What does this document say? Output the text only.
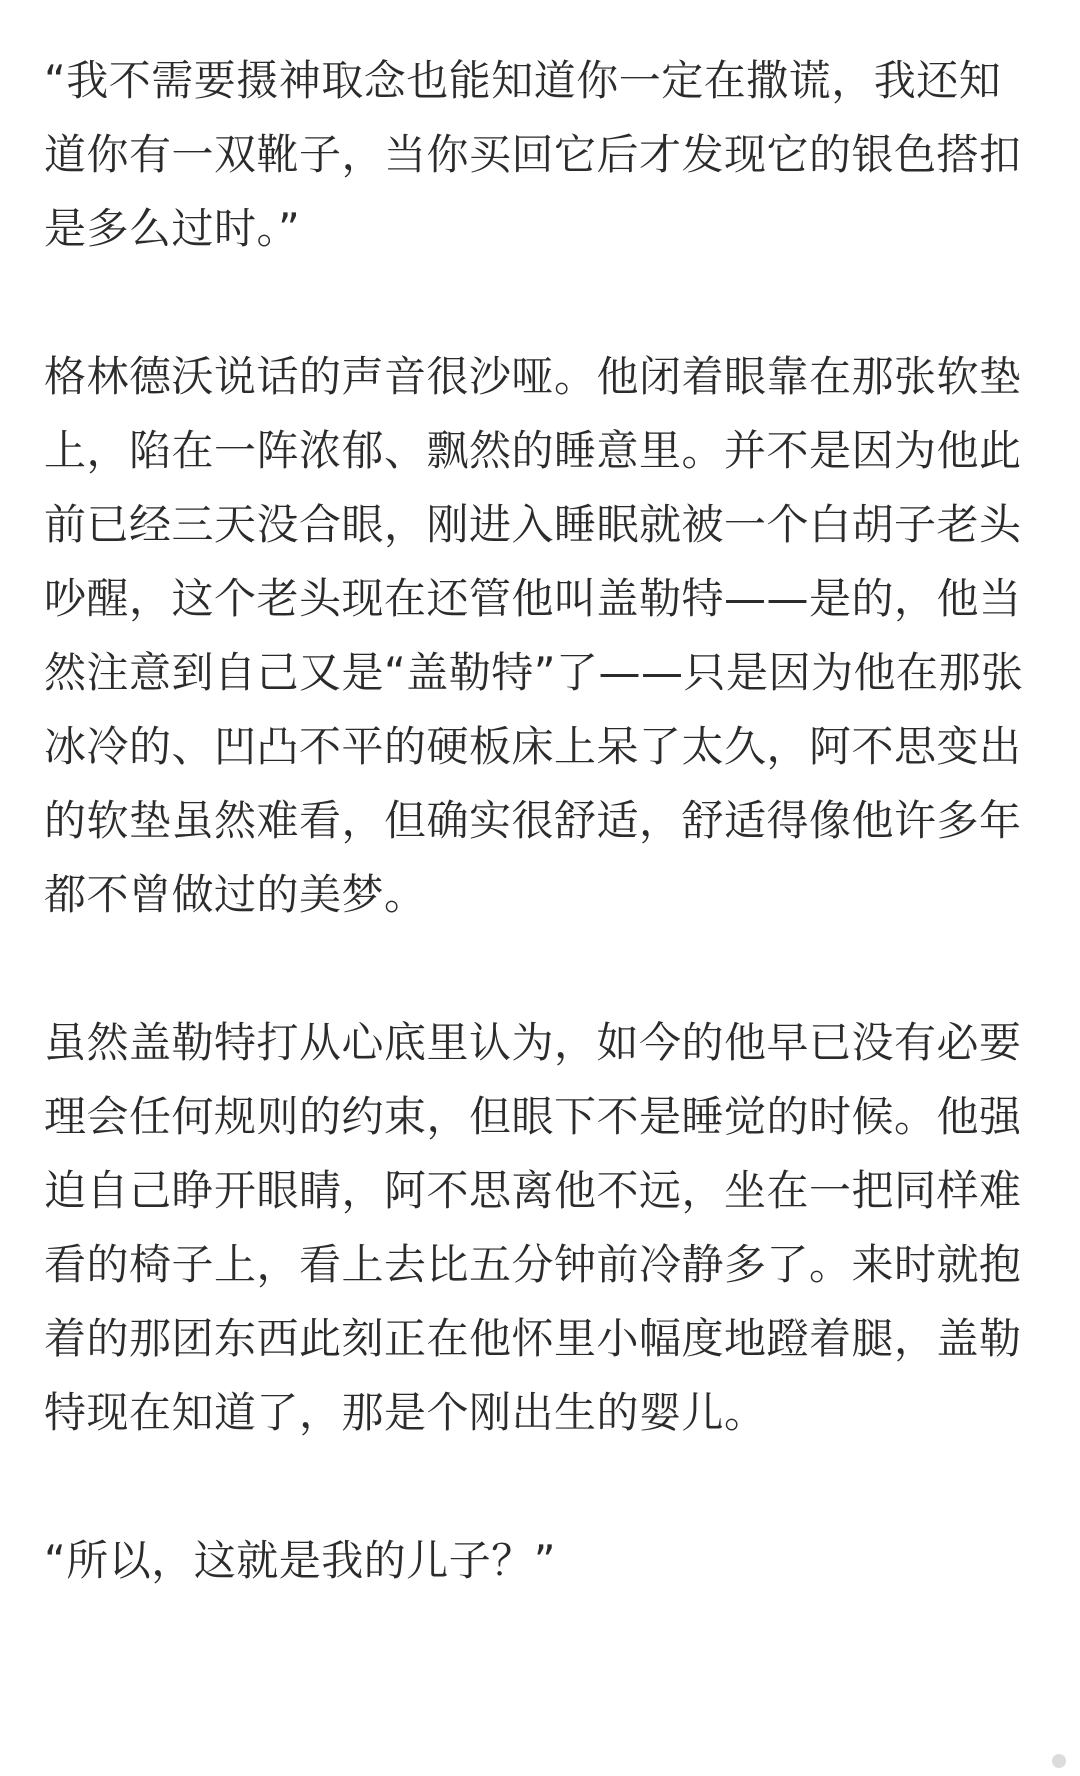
“我不需要摄神取念也能知道你一定在撒谎，我还知道你有一双靴子，当你买回它后才发现它的银色搭扣是多么过时。”

格林德沃说话的声音很沙哑。他闭着眼靠在那张软垫上，陷在一阵浓郁、飘然的睡意里。并不是因为他此前已经三天没合眼，刚进入睡眠就被一个白胡子老头吵醒，这个老头现在还管他叫盖勒特——是的，他当然注意到自己又是“盖勒特”了——只是因为他在那张冰冷的、凹凸不平的硬板床上呆了太久，阿不思变出的软垫虽然难看，但确实很舒适，舒适得像他许多年都不曾做过的美梦。

虽然盖勒特打从心底里认为，如今的他早已没有必要理会任何规则的约束，但眼下不是睡觉的时候。他强迫自己睁开眼睛，阿不思离他不远，坐在一把同样难看的椅子上，看上去比五分钟前冷静多了。来时就抱着的那团东西此刻正在他怀里小幅度地蹬着腿，盖勒特现在知道了，那是个刚出生的婴儿。

“所以，这就是我的儿子？”
